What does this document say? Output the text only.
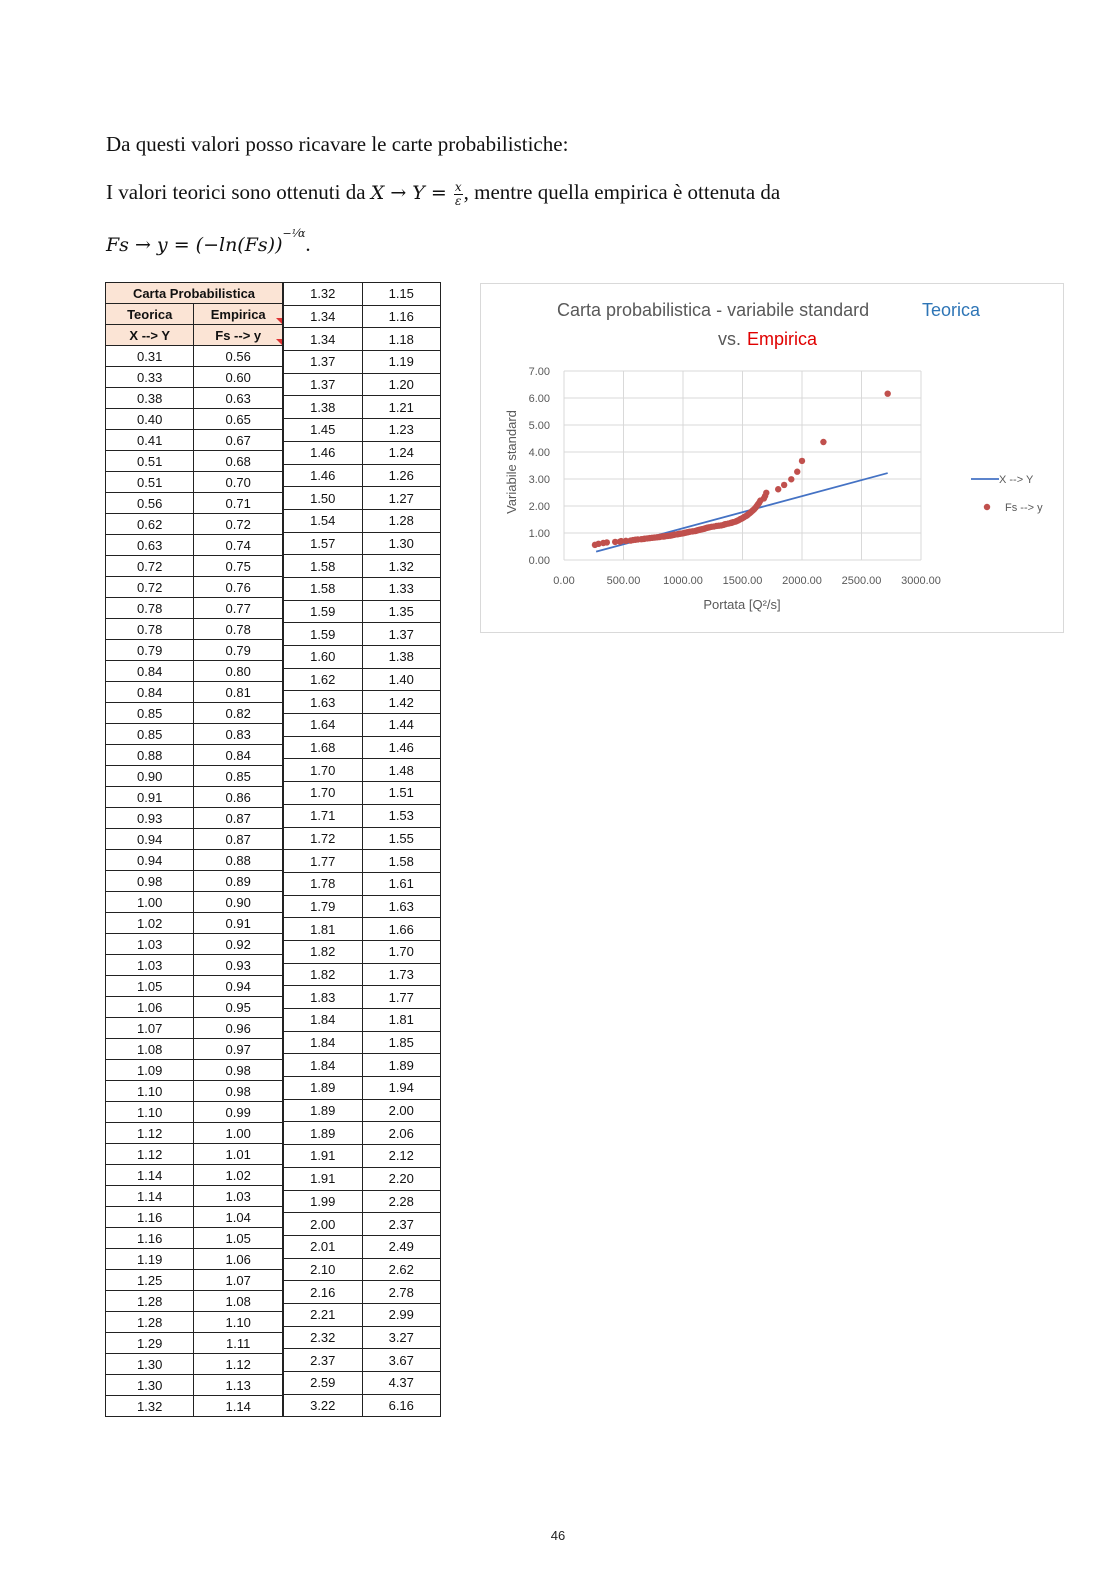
Da questi valori posso ricavare le carte probabilistiche:
I valori teorici sono ottenuti da $X \to Y = \frac{x}{\varepsilon}$ , mentre quella empirica è ottenuta da
$Fs \to y = (-\ln(Fs))^{-^1⁄\alpha}$.
Carta Probabilistica	
Teorica	Empirica
X --> Y	Fs --> y
0.31	0.56
0.33	0.60
0.38	0.63
0.40	0.65
0.41	0.67
0.51	0.68
0.51	0.70
0.56	0.71
0.62	0.72
0.63	0.74
0.72	0.75
0.72	0.76
0.78	0.77
0.78	0.78
0.79	0.79
0.84	0.80
0.84	0.81
0.85	0.82
0.85	0.83
0.88	0.84
0.90	0.85
0.91	0.86
0.93	0.87
0.94	0.87
0.94	0.88
0.98	0.89
1.00	0.90
1.02	0.91
1.03	0.92
1.03	0.93
1.05	0.94
1.06	0.95
1.07	0.96
1.08	0.97
1.09	0.98
1.10	0.98
1.10	0.99
1.12	1.00
1.12	1.01
1.14	1.02
1.14	1.03
1.16	1.04
1.16	1.05
1.19	1.06
1.25	1.07
1.28	1.08
1.28	1.10
1.29	1.11
1.30	1.12
1.30	1.13
1.32	1.14
1.32	1.15
1.34	1.16
1.34	1.18
1.37	1.19
1.37	1.20
1.38	1.21
1.45	1.23
1.46	1.24
1.46	1.26
1.50	1.27
1.54	1.28
1.57	1.30
1.58	1.32
1.58	1.33
1.59	1.35
1.59	1.37
1.60	1.38
1.62	1.40
1.63	1.42
1.64	1.44
1.68	1.46
1.70	1.48
1.70	1.51
1.71	1.53
1.72	1.55
1.77	1.58
1.78	1.61
1.79	1.63
1.81	1.66
1.82	1.70
1.82	1.73
1.83	1.77
1.84	1.81
1.84	1.85
1.84	1.89
1.89	1.94
1.89	2.00
1.89	2.06
1.91	2.12
1.91	2.20
1.99	2.28
2.00	2.37
2.01	2.49
2.10	2.62
2.16	2.78
2.21	2.99
2.32	3.27
2.37	3.67
2.59	4.37
3.22	6.16
Carta probabilistica - variabile standard	Teorica
vs. Empirica
0.00
1.00
2.00
3.00
4.00
5.00
6.00
7.00
0.00	500.00 1000.00 1500.00 2000.00 2500.00 3000.00
Portata [Q²/s]
Variabile standard	X --> Y
Fs --> y
46
